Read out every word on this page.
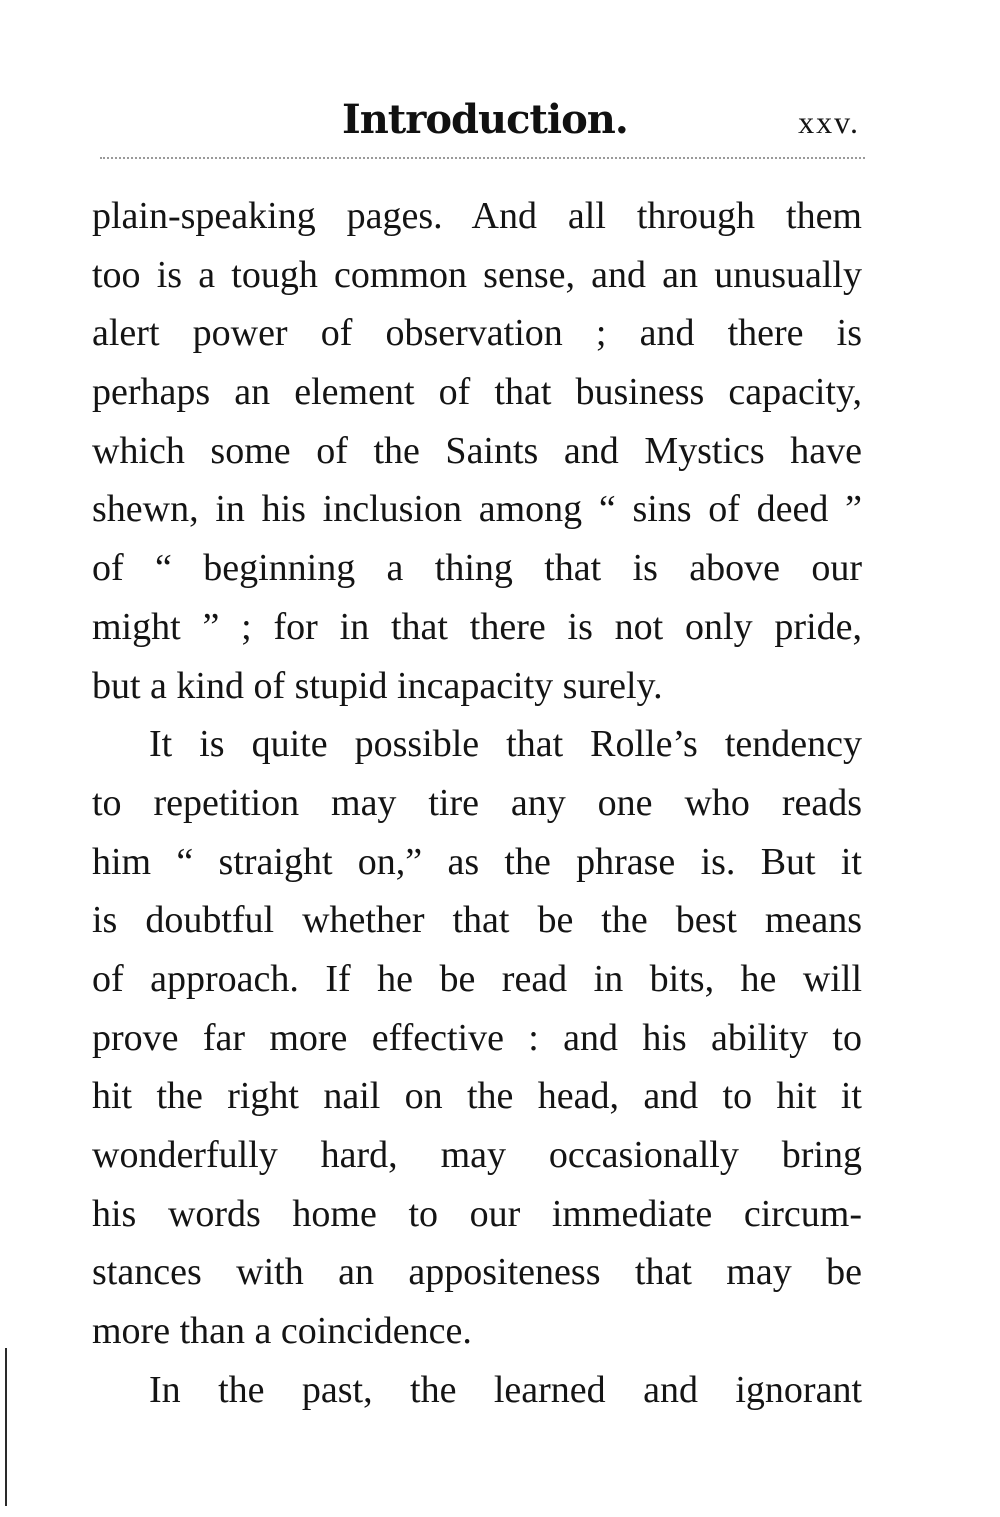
Introduction.	xxv.
plain-speaking pages. And all through them
too is a tough common sense, and an unusually
alert power of observation ; and there is
perhaps an element of that business capacity,
which some of the Saints and Mystics have
shewn, in his inclusion among “ sins of deed ”
of “ beginning a thing that is above our
might ” ; for in that there is not only pride,
but a kind of stupid incapacity surely.
It is quite possible that Rolle’s tendency
to repetition may tire any one who reads
him “ straight on,” as the phrase is. But it
is doubtful whether that be the best means
of approach. If he be read in bits, he will
prove far more effective : and his ability to
hit the right nail on the head, and to hit it
wonderfully hard, may occasionally bring
his words home to our immediate circum-
stances with an appositeness that may be
more than a coincidence.
In the past, the learned and ignorant
